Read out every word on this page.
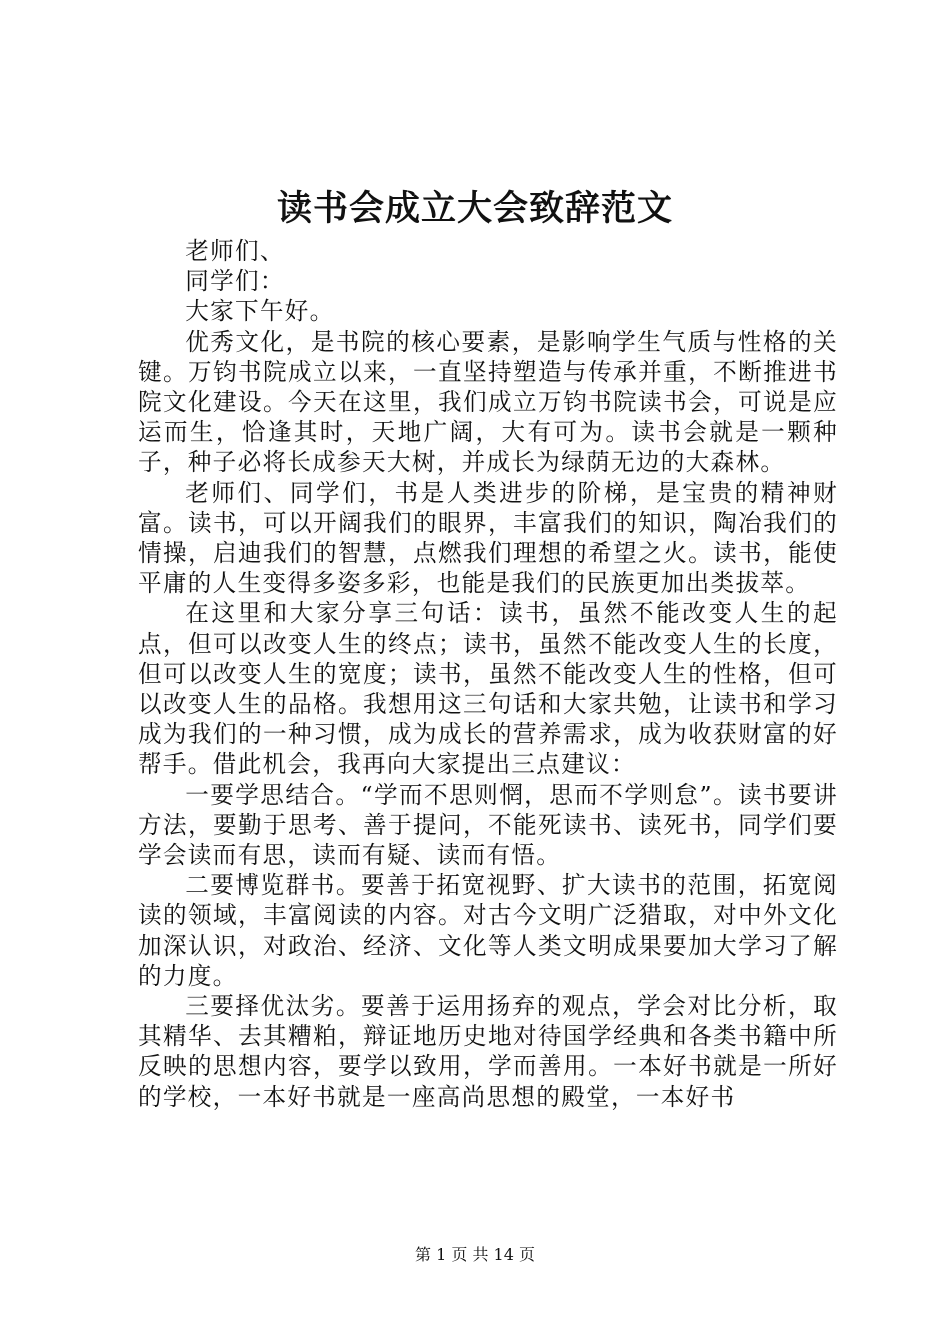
读书会成立大会致辞范文

老师们、

同学们：

大家下午好。

优秀文化，是书院的核心要素，是影响学生气质与性格的关键。万钧书院成立以来，一直坚持塑造与传承并重，不断推进书院文化建设。今天在这里，我们成立万钧书院读书会，可说是应运而生，恰逢其时，天地广阔，大有可为。读书会就是一颗种子，种子必将长成参天大树，并成长为绿荫无边的大森林。

老师们、同学们，书是人类进步的阶梯，是宝贵的精神财富。读书，可以开阔我们的眼界，丰富我们的知识，陶冶我们的情操，启迪我们的智慧，点燃我们理想的希望之火。读书，能使平庸的人生变得多姿多彩，也能是我们的民族更加出类拔萃。

在这里和大家分享三句话：读书，虽然不能改变人生的起点，但可以改变人生的终点；读书，虽然不能改变人生的长度，但可以改变人生的宽度；读书，虽然不能改变人生的性格，但可以改变人生的品格。我想用这三句话和大家共勉，让读书和学习成为我们的一种习惯，成为成长的营养需求，成为收获财富的好帮手。借此机会，我再向大家提出三点建议：

一要学思结合。“学而不思则惘，思而不学则怠”。读书要讲方法，要勤于思考、善于提问，不能死读书、读死书，同学们要学会读而有思，读而有疑、读而有悟。

二要博览群书。要善于拓宽视野、扩大读书的范围，拓宽阅读的领域，丰富阅读的内容。对古今文明广泛猎取，对中外文化加深认识，对政治、经济、文化等人类文明成果要加大学习了解的力度。

三要择优汰劣。要善于运用扬弃的观点，学会对比分析，取其精华、去其糟粕，辩证地历史地对待国学经典和各类书籍中所反映的思想内容，要学以致用，学而善用。一本好书就是一所好的学校，一本好书就是一座高尚思想的殿堂，一本好书

第 1 页 共 14 页
